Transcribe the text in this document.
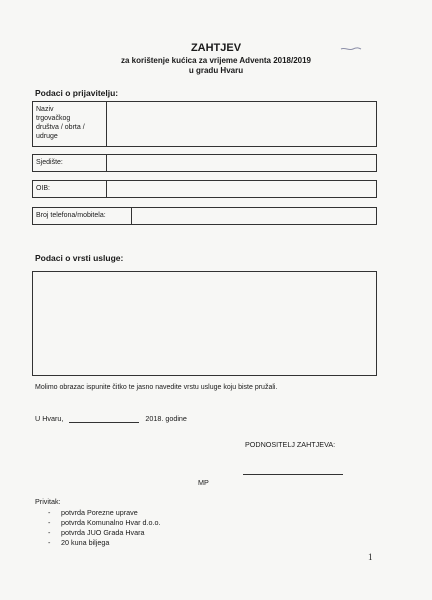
ZAHTJEV
za korištenje kućica za vrijeme Adventa 2018/2019
u gradu Hvaru
Podaci o prijavitelju:
Naziv
trgovačkog
društva / obrta /
udruge
Sjedište:
OIB:
Broj telefona/mobitela:
Podaci o vrsti usluge:
Molimo obrazac ispunite čitko te jasno navedite vrstu usluge koju biste pružali.
U Hvaru,	2018. godine
PODNOSITELJ ZAHTJEVA:
MP
Privitak:
-	potvrda Porezne uprave
-	potvrda Komunalno Hvar d.o.o.
-	potvrda JUO Grada Hvara
-	20 kuna biljega
1
